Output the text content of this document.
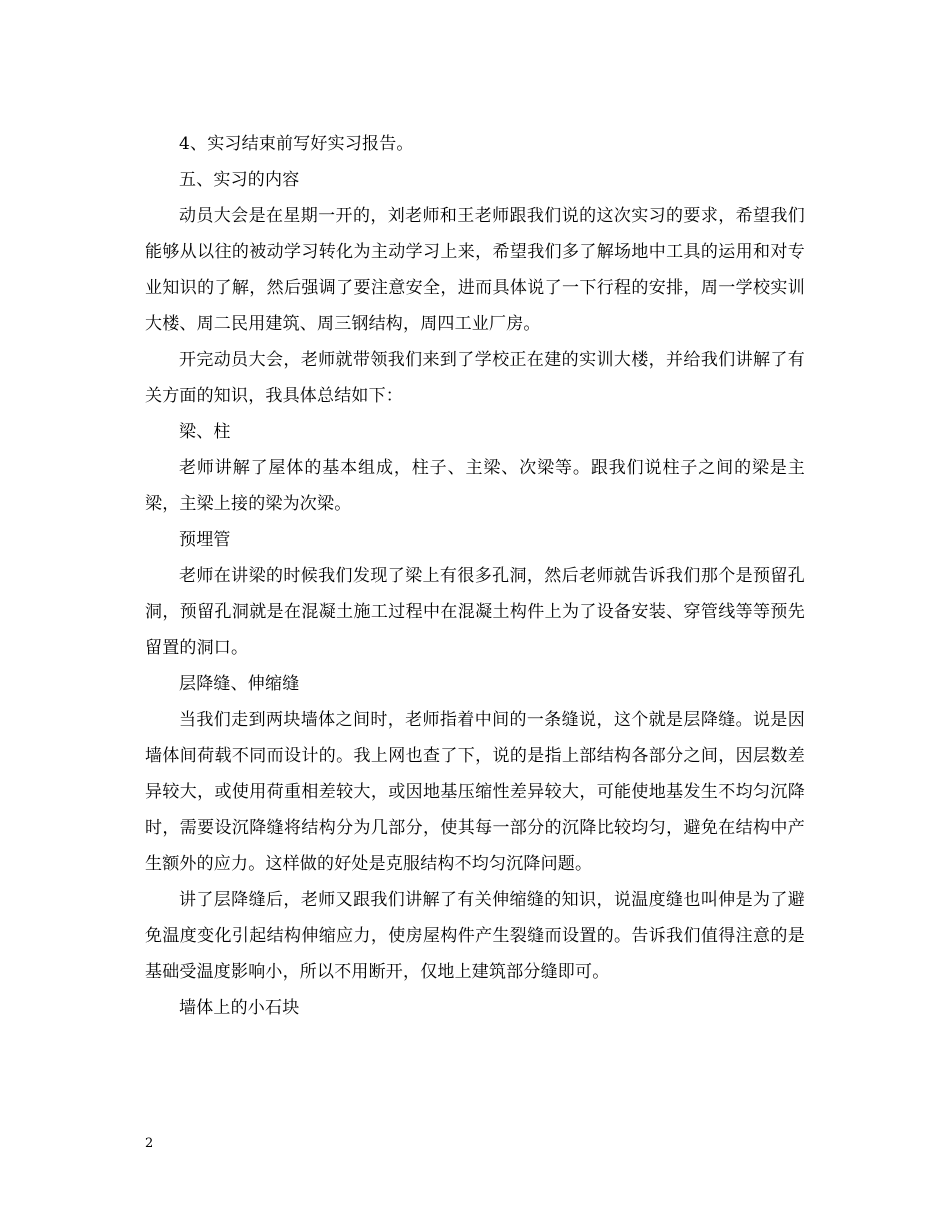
4、实习结束前写好实习报告。

五、实习的内容

动员大会是在星期一开的，刘老师和王老师跟我们说的这次实习的要求，希望我们能够从以往的被动学习转化为主动学习上来，希望我们多了解场地中工具的运用和对专业知识的了解，然后强调了要注意安全，进而具体说了一下行程的安排，周一学校实训大楼、周二民用建筑、周三钢结构，周四工业厂房。

开完动员大会，老师就带领我们来到了学校正在建的实训大楼，并给我们讲解了有关方面的知识，我具体总结如下：

梁、柱

老师讲解了屋体的基本组成，柱子、主梁、次梁等。跟我们说柱子之间的梁是主梁，主梁上接的梁为次梁。

预埋管

老师在讲梁的时候我们发现了梁上有很多孔洞，然后老师就告诉我们那个是预留孔洞，预留孔洞就是在混凝土施工过程中在混凝土构件上为了设备安装、穿管线等等预先留置的洞口。

层降缝、伸缩缝

当我们走到两块墙体之间时，老师指着中间的一条缝说，这个就是层降缝。说是因墙体间荷载不同而设计的。我上网也查了下，说的是指上部结构各部分之间，因层数差异较大，或使用荷重相差较大，或因地基压缩性差异较大，可能使地基发生不均匀沉降时，需要设沉降缝将结构分为几部分，使其每一部分的沉降比较均匀，避免在结构中产生额外的应力。这样做的好处是克服结构不均匀沉降问题。

讲了层降缝后，老师又跟我们讲解了有关伸缩缝的知识，说温度缝也叫伸是为了避免温度变化引起结构伸缩应力，使房屋构件产生裂缝而设置的。告诉我们值得注意的是基础受温度影响小，所以不用断开，仅地上建筑部分缝即可。

墙体上的小石块

2
